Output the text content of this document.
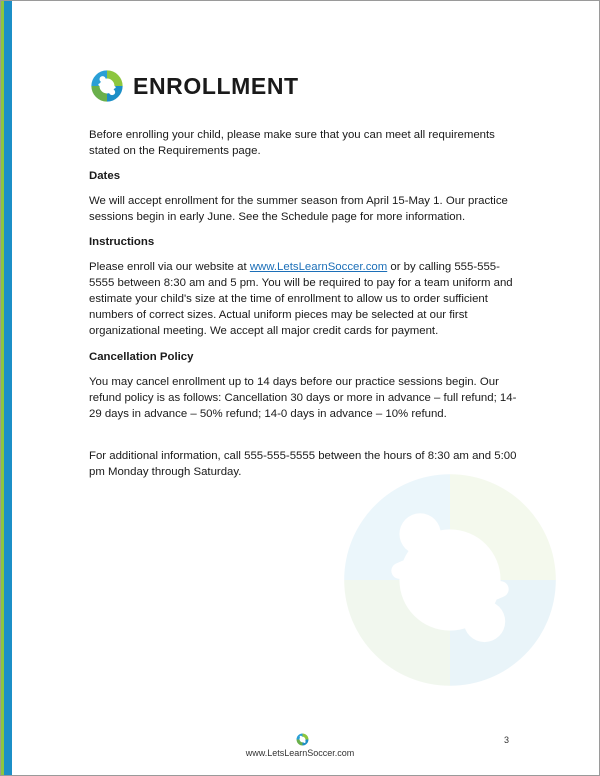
ENROLLMENT

Before enrolling your child, please make sure that you can meet all requirements stated on the Requirements page.

Dates

We will accept enrollment for the summer season from April 15-May 1. Our practice sessions begin in early June. See the Schedule page for more information.

Instructions

Please enroll via our website at www.LetsLearnSoccer.com or by calling 555-555-5555 between 8:30 am and 5 pm. You will be required to pay for a team uniform and estimate your child's size at the time of enrollment to allow us to order sufficient numbers of correct sizes. Actual uniform pieces may be selected at our first organizational meeting. We accept all major credit cards for payment.

Cancellation Policy

You may cancel enrollment up to 14 days before our practice sessions begin. Our refund policy is as follows: Cancellation 30 days or more in advance – full refund; 14-29 days in advance – 50% refund; 14-0 days in advance – 10% refund.

For additional information, call 555-555-5555 between the hours of 8:30 am and 5:00 pm Monday through Saturday.

www.LetsLearnSoccer.com
3
